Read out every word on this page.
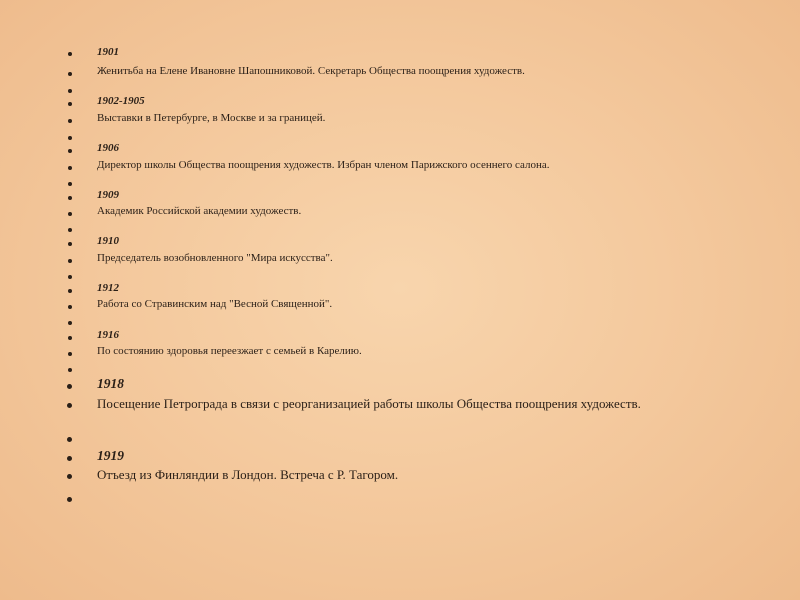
1901
Женитьба на Елене Ивановне Шапошниковой. Секретарь Общества поощрения художеств.
1902-1905
Выставки в Петербурге, в Москве и за границей.
1906
Директор школы Общества поощрения художеств. Избран членом Парижского осеннего салона.
1909
Академик Российской академии художеств.
1910
Председатель возобновленного "Мира искусства".
1912
Работа со Стравинским над "Весной Священной".
1916
По состоянию здоровья переезжает с семьей в Карелию.
1918
Посещение Петрограда в связи с реорганизацией работы школы Общества поощрения художеств.
1919
Отъезд из Финляндии в Лондон. Встреча с Р. Тагором.
